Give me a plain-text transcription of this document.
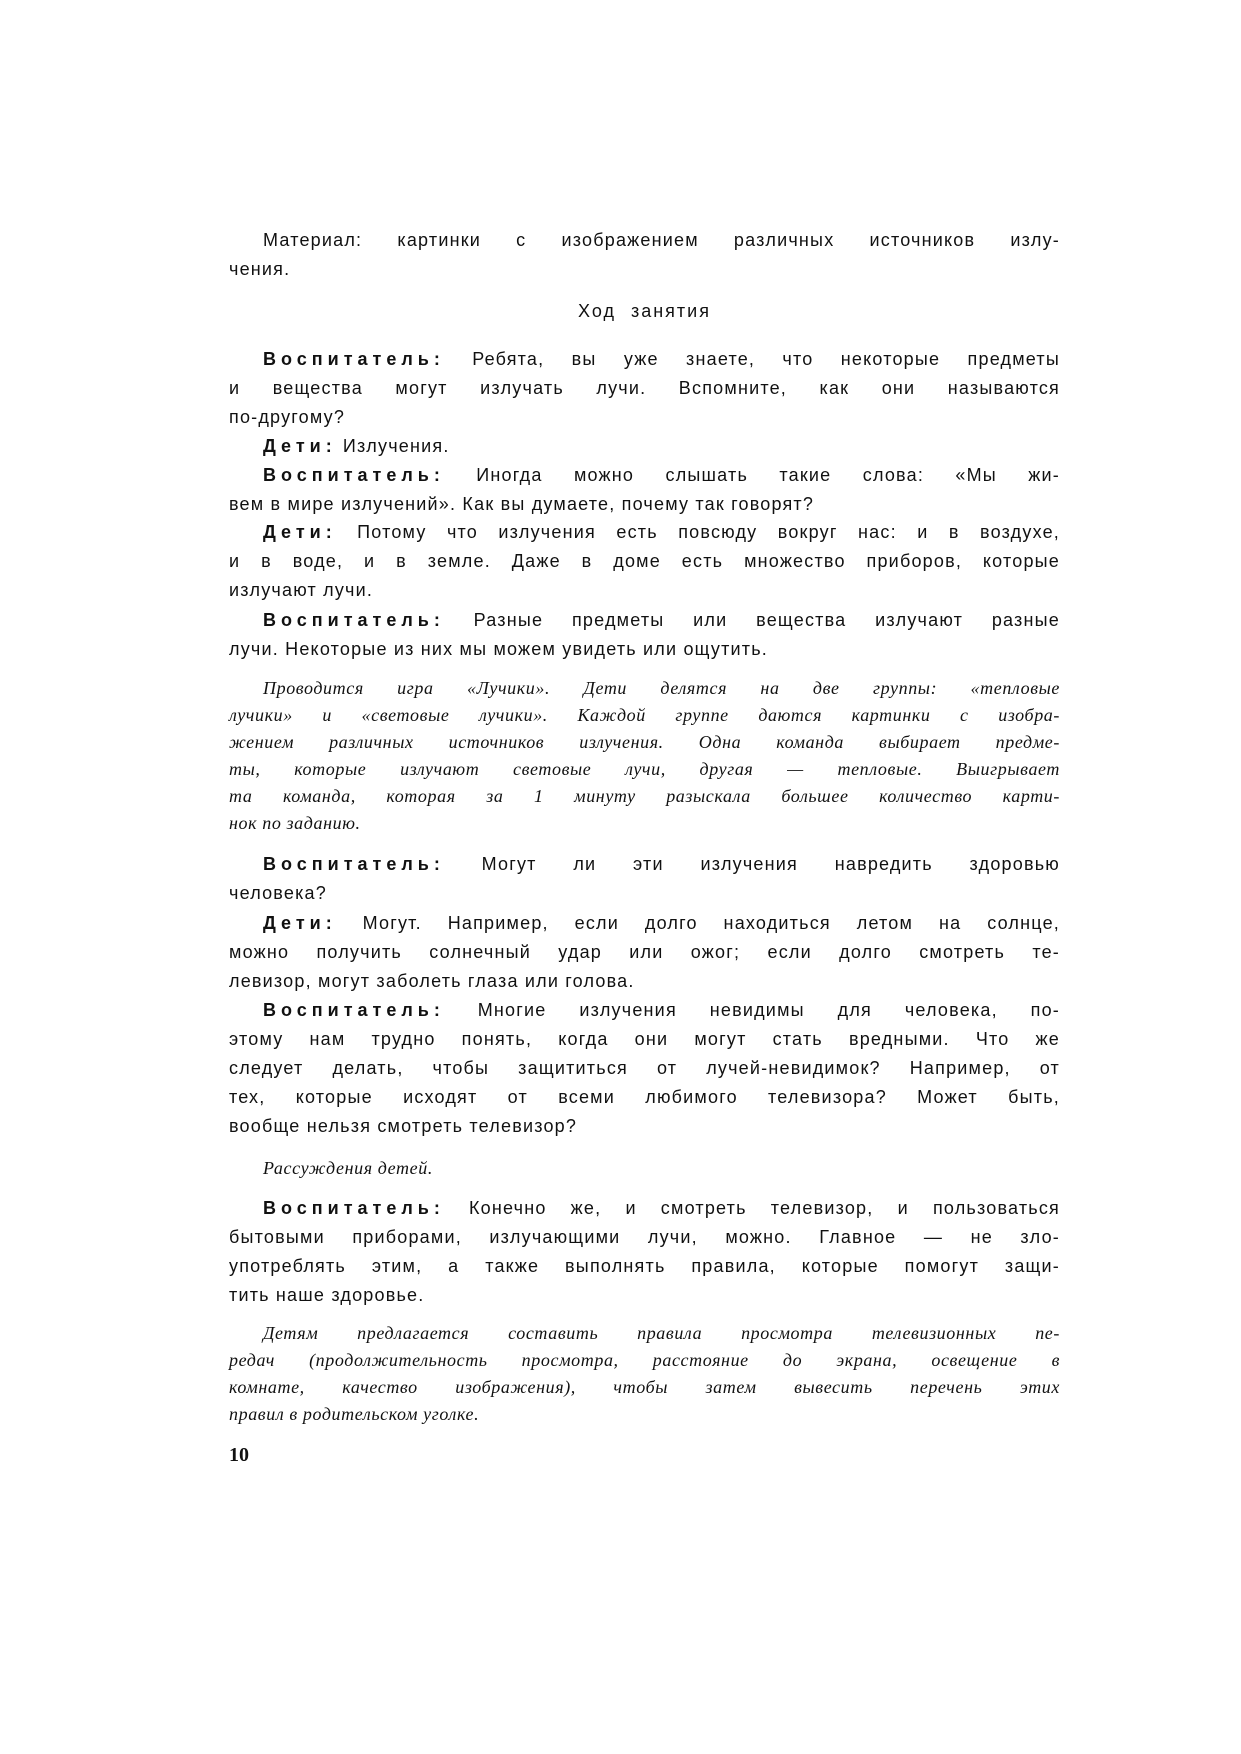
Ход занятия
Материал: картинки с изображением различных источников излу-
чения.
Воспитатель: Ребята, вы уже знаете, что некоторые предметы
и вещества могут излучать лучи. Вспомните, как они называются
по-другому?
Дети: Излучения.
Воспитатель: Иногда можно слышать такие слова: «Мы жи-
вем в мире излучений». Как вы думаете, почему так говорят?
Дети: Потому что излучения есть повсюду вокруг нас: и в воздухе,
и в воде, и в земле. Даже в доме есть множество приборов, которые
излучают лучи.
Воспитатель: Разные предметы или вещества излучают разные
лучи. Некоторые из них мы можем увидеть или ощутить.
Проводится игра «Лучики». Дети делятся на две группы: «тепловые
лучики» и «световые лучики». Каждой группе даются картинки с изобра-
жением различных источников излучения. Одна команда выбирает предме-
ты, которые излучают световые лучи, другая — тепловые. Выигрывает
та команда, которая за 1 минуту разыскала большее количество карти-
нок по заданию.
Воспитатель: Могут ли эти излучения навредить здоровью
человека?
Дети: Могут. Например, если долго находиться летом на солнце,
можно получить солнечный удар или ожог; если долго смотреть те-
левизор, могут заболеть глаза или голова.
Воспитатель: Многие излучения невидимы для человека, по-
этому нам трудно понять, когда они могут стать вредными. Что же
следует делать, чтобы защититься от лучей-невидимок? Например, от
тех, которые исходят от всеми любимого телевизора? Может быть,
вообще нельзя смотреть телевизор?
Рассуждения детей.
Воспитатель: Конечно же, и смотреть телевизор, и пользоваться
бытовыми приборами, излучающими лучи, можно. Главное — не зло-
употреблять этим, а также выполнять правила, которые помогут защи-
тить наше здоровье.
Детям предлагается составить правила просмотра телевизионных пе-
редач (продолжительность просмотра, расстояние до экрана, освещение в
комнате, качество изображения), чтобы затем вывесить перечень этих
правил в родительском уголке.
10
